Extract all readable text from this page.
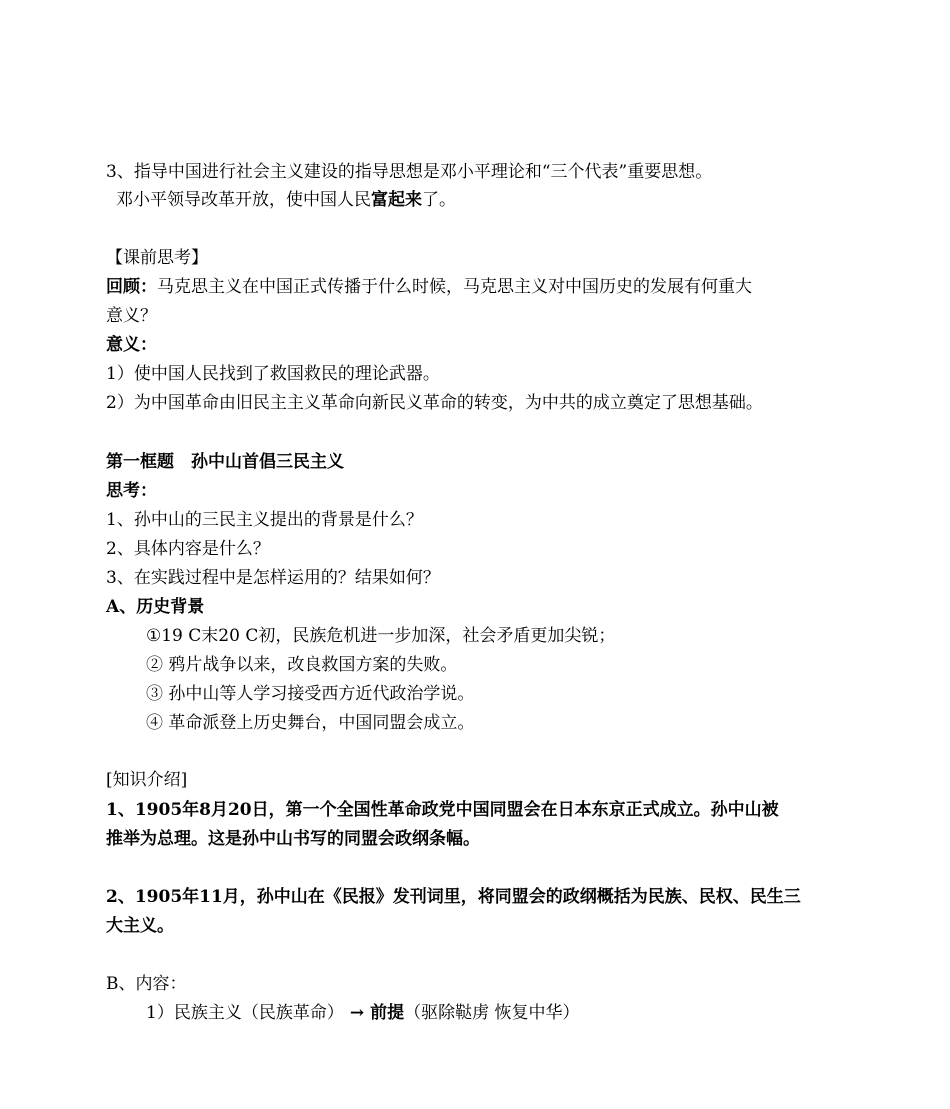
3、指导中国进行社会主义建设的指导思想是邓小平理论和“三个代表”重要思想。
邓小平领导改革开放，使中国人民富起来了。
【课前思考】
回顾：马克思主义在中国正式传播于什么时候，马克思主义对中国历史的发展有何重大
意义？
意义：
1）使中国人民找到了救国救民的理论武器。
2）为中国革命由旧民主主义革命向新民义革命的转变，为中共的成立奠定了思想基础。
第一框题　孙中山首倡三民主义
思考：
1、孙中山的三民主义提出的背景是什么？
2、具体内容是什么？
3、在实践过程中是怎样运用的？结果如何？
A、历史背景
①19 C末20 C初，民族危机进一步加深，社会矛盾更加尖锐；
② 鸦片战争以来，改良救国方案的失败。
③ 孙中山等人学习接受西方近代政治学说。
④ 革命派登上历史舞台，中国同盟会成立。
[知识介绍]
1、1905年8月20日，第一个全国性革命政党中国同盟会在日本东京正式成立。孙中山被
推举为总理。这是孙中山书写的同盟会政纲条幅。
2、1905年11月，孙中山在《民报》发刊词里，将同盟会的政纲概括为民族、民权、民生三
大主义。
B、内容：
1）民族主义（民族革命） → 前提（驱除鞑虏 恢复中华）
